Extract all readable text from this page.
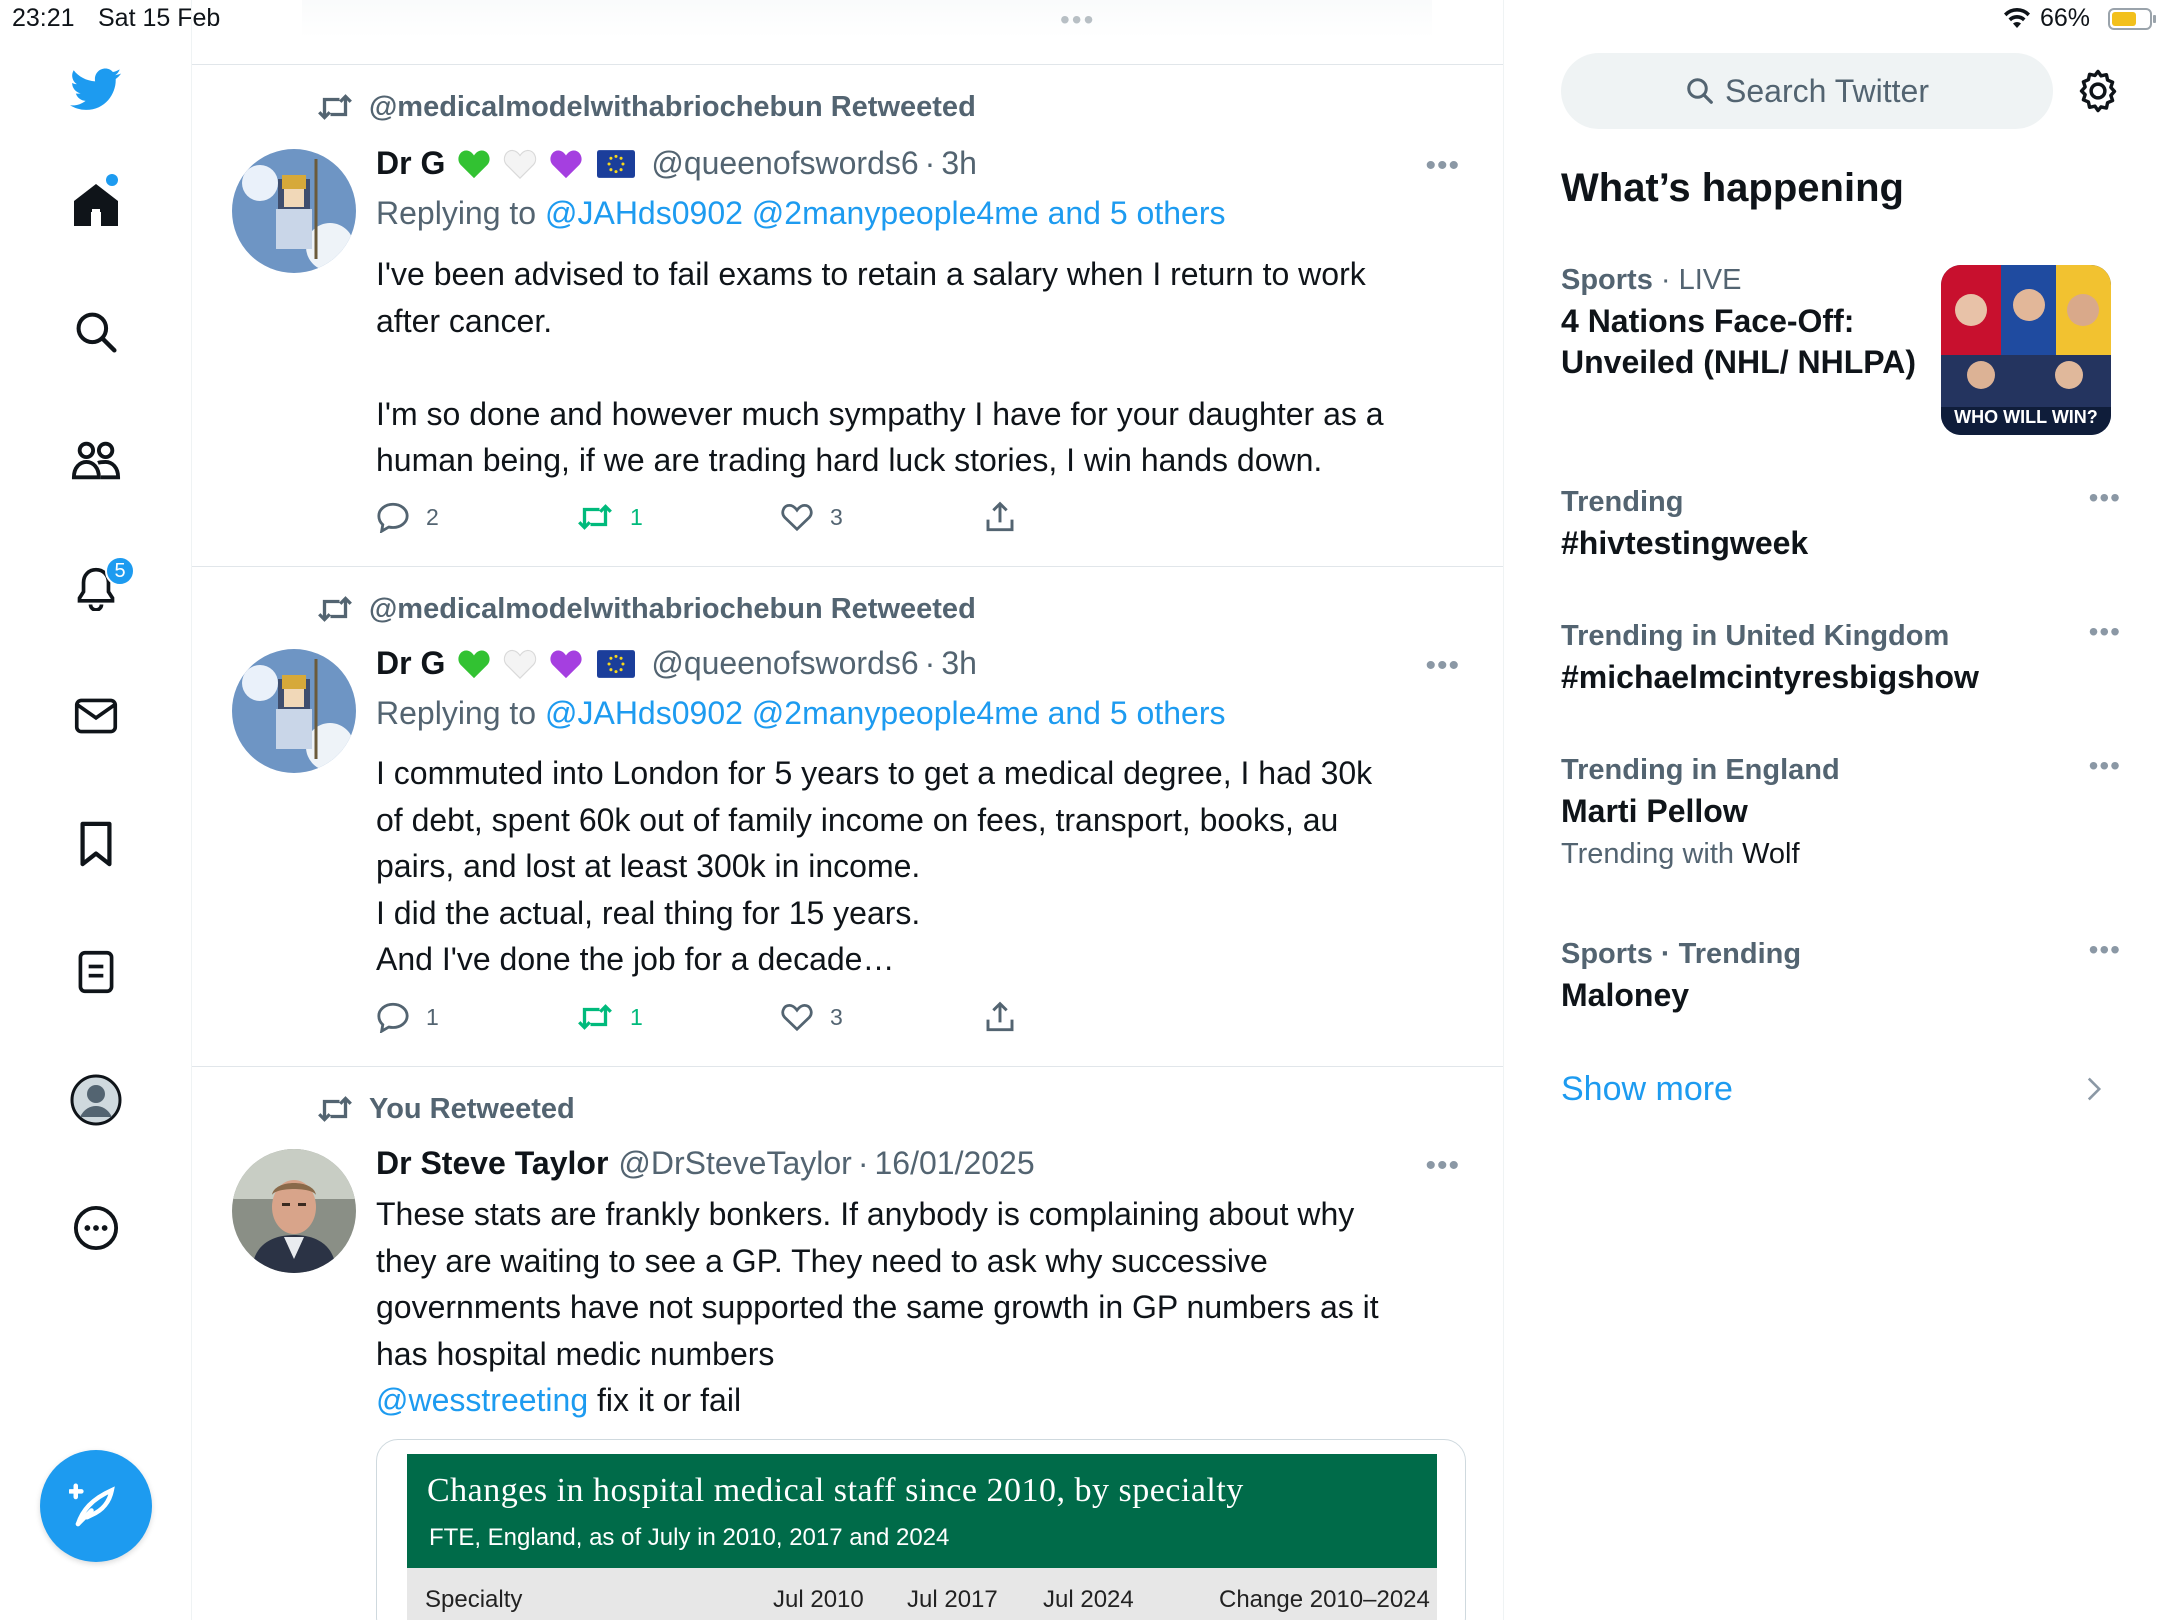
23:21 Sat 15 Feb	66%
5
@medicalmodelwithabriochebun Retweeted
Dr G	@queenofswords6 · 3h	•••
Replying to @JAHds0902 @2manypeople4me and 5 others
I've been advised to fail exams to retain a salary when I return to work
after cancer.

I'm so done and however much sympathy I have for your daughter as a
human being, if we are trading hard luck stories, I win hands down.
2	1	3
@medicalmodelwithabriochebun Retweeted
Dr G	@queenofswords6 · 3h	•••
Replying to @JAHds0902 @2manypeople4me and 5 others
I commuted into London for 5 years to get a medical degree, I had 30k
of debt, spent 60k out of family income on fees, transport, books, au
pairs, and lost at least 300k in income.
I did the actual, real thing for 15 years.
And I've done the job for a decade…
1	1	3
You Retweeted
Dr Steve Taylor @DrSteveTaylor · 16/01/2025	•••
These stats are frankly bonkers. If anybody is complaining about why
they are waiting to see a GP. They need to ask why successive
governments have not supported the same growth in GP numbers as it
has hospital medic numbers
@wesstreeting fix it or fail
Changes in hospital medical staff since 2010, by specialty
FTE, England, as of July in 2010, 2017 and 2024
Specialty	Jul 2010 Jul 2017 Jul 2024	Change 2010–2024
Search Twitter
What’s happening
Sports · LIVE
4 Nations Face-Off: Unveiled (NHL/ NHLPA)
WHO WILL WIN?
Trending
#hivtestingweek
•••
Trending in United Kingdom
#michaelmcintyresbigshow
•••
Trending in England
Marti Pellow
Trending with Wolf
•••
Sports · Trending
Maloney
•••
Show more
